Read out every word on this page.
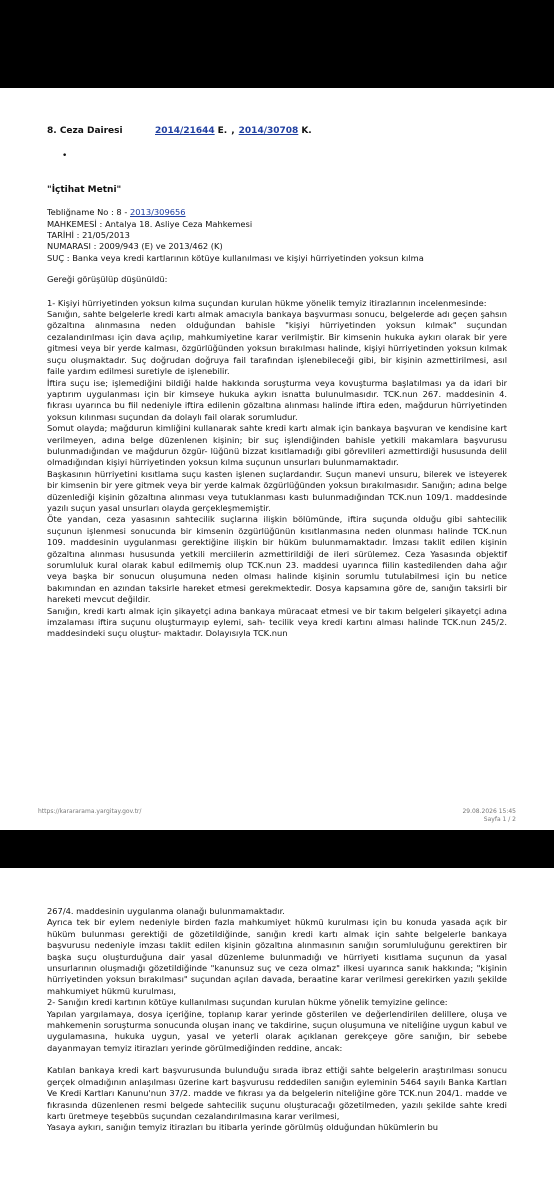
8. Ceza Dairesi	2014/21644 E. , 2014/30708 K.
•
"İçtihat Metni"
Tebliğname No : 8 - 2013/309656
MAHKEMESİ : Antalya 18. Asliye Ceza Mahkemesi
TARİHİ : 21/05/2013
NUMARASI : 2009/943 (E) ve 2013/462 (K)
SUÇ : Banka veya kredi kartlarının kötüye kullanılması ve kişiyi hürriyetinden yoksun kılma
Gereği görüşülüp düşünüldü:

1- Kişiyi hürriyetinden yoksun kılma suçundan kurulan hükme yönelik temyiz itirazlarının incelenmesinde:

Sanığın, sahte belgelerle kredi kartı almak amacıyla bankaya başvurması sonucu, belgelerde adı geçen şahsın gözaltına alınmasına neden olduğundan bahisle "kişiyi hürriyetinden yoksun kılmak" suçundan cezalandırılması için dava açılıp, mahkumiyetine karar verilmiştir. Bir kimsenin hukuka aykırı olarak bir yere gitmesi veya bir yerde kalması, özgürlüğünden yoksun bırakılması halinde, kişiyi hürriyetinden yoksun kılmak suçu oluşmaktadır. Suç doğrudan doğruya fail tarafından işlenebileceği gibi, bir kişinin azmettirilmesi, asıl faile yardım edilmesi suretiyle de işlenebilir.

İftira suçu ise; işlemediğini bildiği halde hakkında soruşturma veya kovuşturma başlatılması ya da idari bir yaptırım uygulanması için bir kimseye hukuka aykırı isnatta bulunulmasıdır. TCK.nun 267. maddesinin 4. fıkrası uyarınca bu fiil nedeniyle iftira edilenin gözaltına alınması halinde iftira eden, mağdurun hürriyetinden yoksun kılınması suçundan da dolaylı fail olarak sorumludur.

Somut olayda; mağdurun kimliğini kullanarak sahte kredi kartı almak için bankaya başvuran ve kendisine kart verilmeyen, adına belge düzenlenen kişinin; bir suç işlendiğinden bahisle yetkili makamlara başvurusu bulunmadığından ve mağdurun özgür- lüğünü bizzat kısıtlamadığı gibi görevlileri azmettirdiği hususunda delil olmadığından kişiyi hürriyetinden yoksun kılma suçunun unsurları bulunmamaktadır.

Başkasının hürriyetini kısıtlama suçu kasten işlenen suçlardandır. Suçun manevi unsuru, bilerek ve isteyerek bir kimsenin bir yere gitmek veya bir yerde kalmak özgürlüğünden yoksun bırakılmasıdır. Sanığın; adına belge düzenlediği kişinin gözaltına alınması veya tutuklanması kastı bulunmadığından TCK.nun 109/1. maddesinde yazılı suçun yasal unsurları olayda gerçekleşmemiştir.

Öte yandan, ceza yasasının sahtecilik suçlarına ilişkin bölümünde, iftira suçunda olduğu gibi sahtecilik suçunun işlenmesi sonucunda bir kimsenin özgürlüğünün kısıtlanmasına neden olunması halinde TCK.nun 109. maddesinin uygulanması gerektiğine ilişkin bir hüküm bulunmamaktadır. İmzası taklit edilen kişinin gözaltına alınması hususunda yetkili merciilerin azmettirildiği de ileri sürülemez. Ceza Yasasında objektif sorumluluk kural olarak kabul edilmemiş olup TCK.nun 23. maddesi uyarınca fiilin kastedilenden daha ağır veya başka bir sonucun oluşumuna neden olması halinde kişinin sorumlu tutulabilmesi için bu netice bakımından en azından taksirle hareket etmesi gerekmektedir. Dosya kapsamına göre de, sanığın taksirli bir hareketi mevcut değildir.

Sanığın, kredi kartı almak için şikayetçi adına bankaya müracaat etmesi ve bir takım belgeleri şikayetçi adına imzalaması iftira suçunu oluşturmayıp eylemi, sah- tecilik veya kredi kartını alması halinde TCK.nun 245/2. maddesindeki suçu oluştur- maktadır. Dolayısıyla TCK.nun

https://karararama.yargitay.gov.tr/	29.08.2026 15:45
Sayfa 1 / 2

267/4. maddesinin uygulanma olanağı bulunmamaktadır.

Ayrıca tek bir eylem nedeniyle birden fazla mahkumiyet hükmü kurulması için bu konuda yasada açık bir hüküm bulunması gerektiği de gözetildiğinde, sanığın kredi kartı almak için sahte belgelerle bankaya başvurusu nedeniyle imzası taklit edilen kişinin gözaltına alınmasının sanığın sorumluluğunu gerektiren bir başka suçu oluşturduğuna dair yasal düzenleme bulunmadığı ve hürriyeti kısıtlama suçunun da yasal unsurlarının oluşmadığı gözetildiğinde "kanunsuz suç ve ceza olmaz" ilkesi uyarınca sanık hakkında; "kişinin hürriyetinden yoksun bırakılması" suçundan açılan davada, beraatine karar verilmesi gerekirken yazılı şekilde mahkumiyet hükmü kurulması,

2- Sanığın kredi kartının kötüye kullanılması suçundan kurulan hükme yönelik temyizine gelince:

Yapılan yargılamaya, dosya içeriğine, toplanıp karar yerinde gösterilen ve değerlendirilen delillere, oluşa ve mahkemenin soruşturma sonucunda oluşan inanç ve takdirine, suçun oluşumuna ve niteliğine uygun kabul ve uygulamasına, hukuka uygun, yasal ve yeterli olarak açıklanan gerekçeye göre sanığın, bir sebebe dayanmayan temyiz itirazları yerinde görülmediğinden reddine, ancak:

Katılan bankaya kredi kart başvurusunda bulunduğu sırada ibraz ettiği sahte belgelerin araştırılması sonucu gerçek olmadığının anlaşılması üzerine kart başvurusu reddedilen sanığın eyleminin 5464 sayılı Banka Kartları Ve Kredi Kartları Kanunu'nun 37/2. madde ve fıkrası ya da belgelerin niteliğine göre TCK.nun 204/1. madde ve fıkrasında düzenlenen resmi belgede sahtecilik suçunu oluşturacağı gözetilmeden, yazılı şekilde sahte kredi kartı üretmeye teşebbüs suçundan cezalandırılmasına karar verilmesi,

Yasaya aykırı, sanığın temyiz itirazları bu itibarla yerinde görülmüş olduğundan hükümlerin bu
